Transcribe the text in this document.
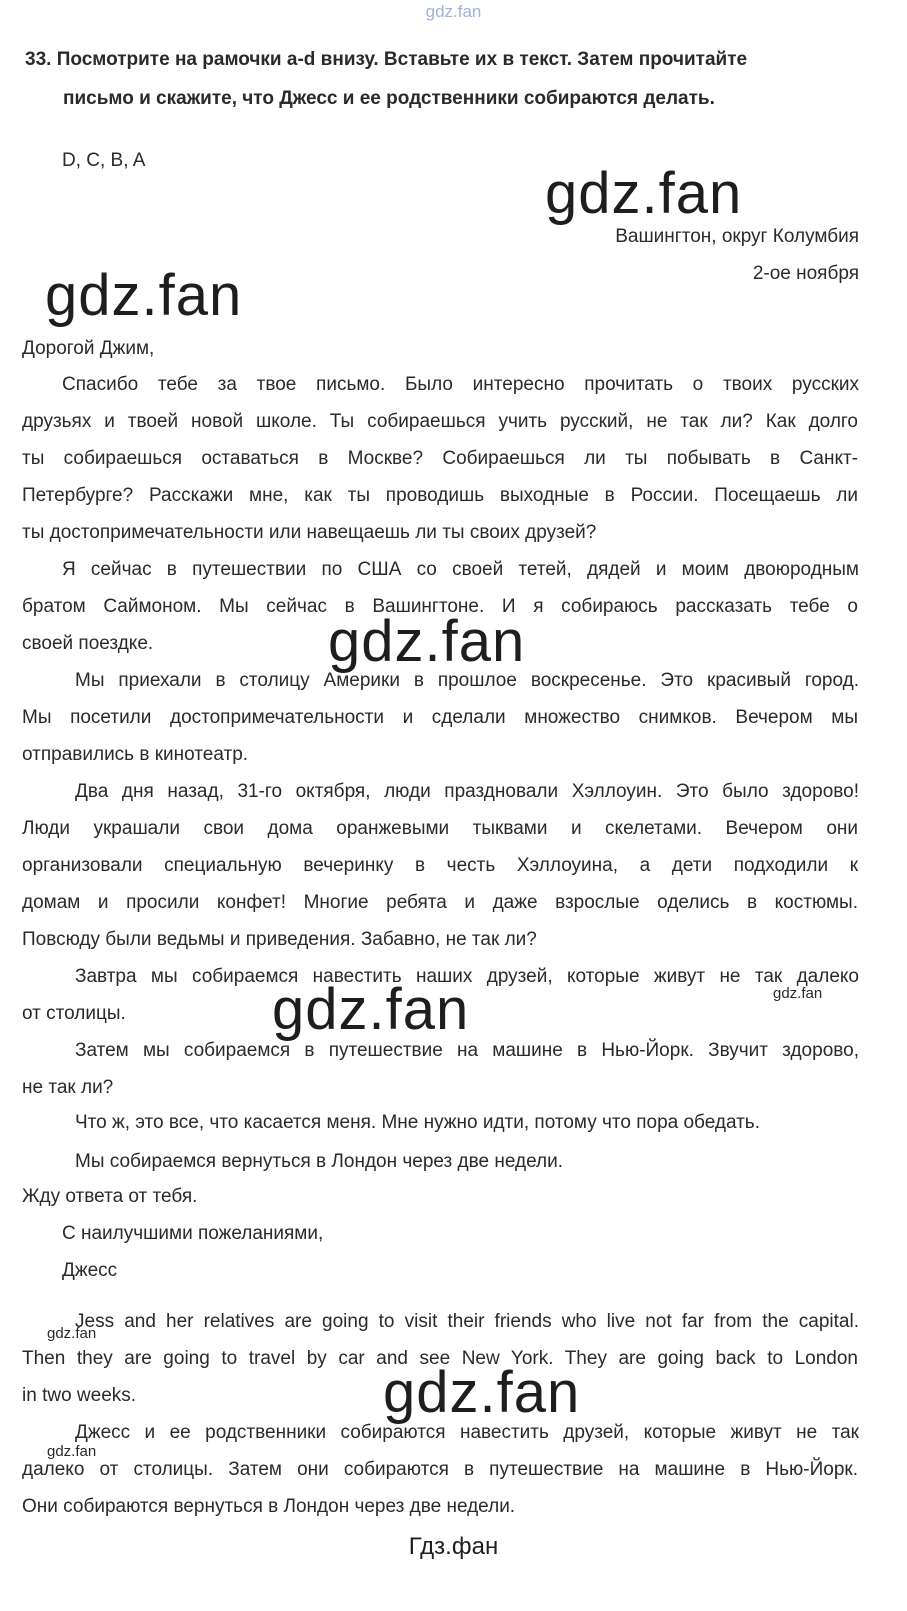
gdz.fan
33. Посмотрите на рамочки a-d внизу. Вставьте их в текст. Затем прочитайте
письмо и скажите, что Джесс и ее родственники собираются делать.
D, C, B, A
gdz.fan
gdz.fan
gdz.fan
gdz.fan
gdz.fan
gdz.fan
gdz.fan
gdz.fan
Вашингтон, округ Колумбия
2-ое ноября
Дорогой Джим,
Спасибо тебе за твое письмо. Было интересно прочитать о твоих русских
друзьях и твоей новой школе. Ты собираешься учить русский, не так ли? Как долго
ты собираешься оставаться в Москве? Собираешься ли ты побывать в Санкт-
Петербурге? Расскажи мне, как ты проводишь выходные в России. Посещаешь ли
ты достопримечательности или навещаешь ли ты своих друзей?
Я сейчас в путешествии по США со своей тетей, дядей и моим двоюродным
братом Саймоном. Мы сейчас в Вашингтоне. И я собираюсь рассказать тебе о
своей поездке.
Мы приехали в столицу Америки в прошлое воскресенье. Это красивый город.
Мы посетили достопримечательности и сделали множество снимков. Вечером мы
отправились в кинотеатр.
Два дня назад, 31-го октября, люди праздновали Хэллоуин. Это было здорово!
Люди украшали свои дома оранжевыми тыквами и скелетами. Вечером они
организовали специальную вечеринку в честь Хэллоуина, а дети подходили к
домам и просили конфет! Многие ребята и даже взрослые оделись в костюмы.
Повсюду были ведьмы и приведения. Забавно, не так ли?
Завтра мы собираемся навестить наших друзей, которые живут не так далеко
от столицы.
Затем мы собираемся в путешествие на машине в Нью-Йорк. Звучит здорово,
не так ли?
Что ж, это все, что касается меня. Мне нужно идти, потому что пора обедать.
Мы собираемся вернуться в Лондон через две недели.
Жду ответа от тебя.
С наилучшими пожеланиями,
Джесс
Jess and her relatives are going to visit their friends who live not far from the capital.
Then they are going to travel by car and see New York. They are going back to London
in two weeks.
Джесс и ее родственники собираются навестить друзей, которые живут не так
далеко от столицы. Затем они собираются в путешествие на машине в Нью-Йорк.
Они собираются вернуться в Лондон через две недели.
Гдз.фан
